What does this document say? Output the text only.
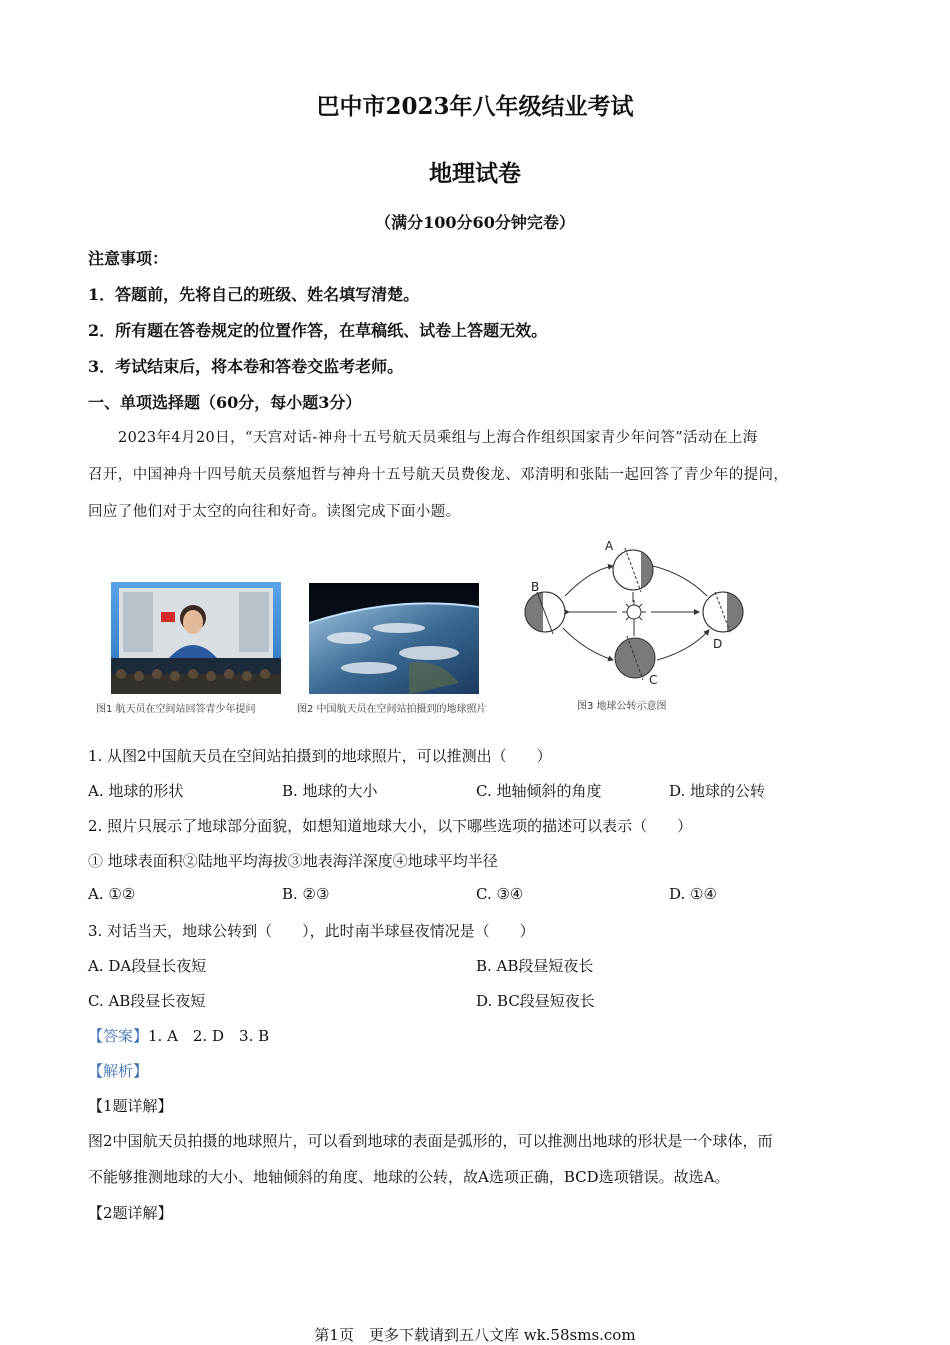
巴中市2023年八年级结业考试
地理试卷
（满分100分60分钟完卷）
注意事项：
1．答题前，先将自己的班级、姓名填写清楚。
2．所有题在答卷规定的位置作答，在草稿纸、试卷上答题无效。
3．考试结束后，将本卷和答卷交监考老师。
一、单项选择题（60分，每小题3分）
2023年4月20日，“天宫对话-神舟十五号航天员乘组与上海合作组织国家青少年问答”活动在上海
召开，中国神舟十四号航天员蔡旭哲与神舟十五号航天员费俊龙、邓清明和张陆一起回答了青少年的提问，
回应了他们对于太空的向往和好奇。读图完成下面小题。
图1 航天员在空间站回答青少年提问	图2 中国航天员在空间站拍摄到的地球照片
A
B
C
D
图3 地球公转示意图
1. 从图2中国航天员在空间站拍摄到的地球照片，可以推测出（　　）
A. 地球的形状	B. 地球的大小	C. 地轴倾斜的角度	D. 地球的公转
2. 照片只展示了地球部分面貌，如想知道地球大小，以下哪些选项的描述可以表示（　　）
① 地球表面积②陆地平均海拔③地表海洋深度④地球平均半径
A. ①②	B. ②③	C. ③④	D. ①④
3. 对话当天，地球公转到（　　），此时南半球昼夜情况是（　　）
A. DA段昼长夜短	B. AB段昼短夜长
C. AB段昼长夜短	D. BC段昼短夜长
【答案】1. A　2. D　3. B
【解析】
【1题详解】
图2中国航天员拍摄的地球照片，可以看到地球的表面是弧形的，可以推测出地球的形状是一个球体，而
不能够推测地球的大小、地轴倾斜的角度、地球的公转，故A选项正确，BCD选项错误。故选A。
【2题详解】
第1页　更多下载请到五八文库 wk.58sms.com
